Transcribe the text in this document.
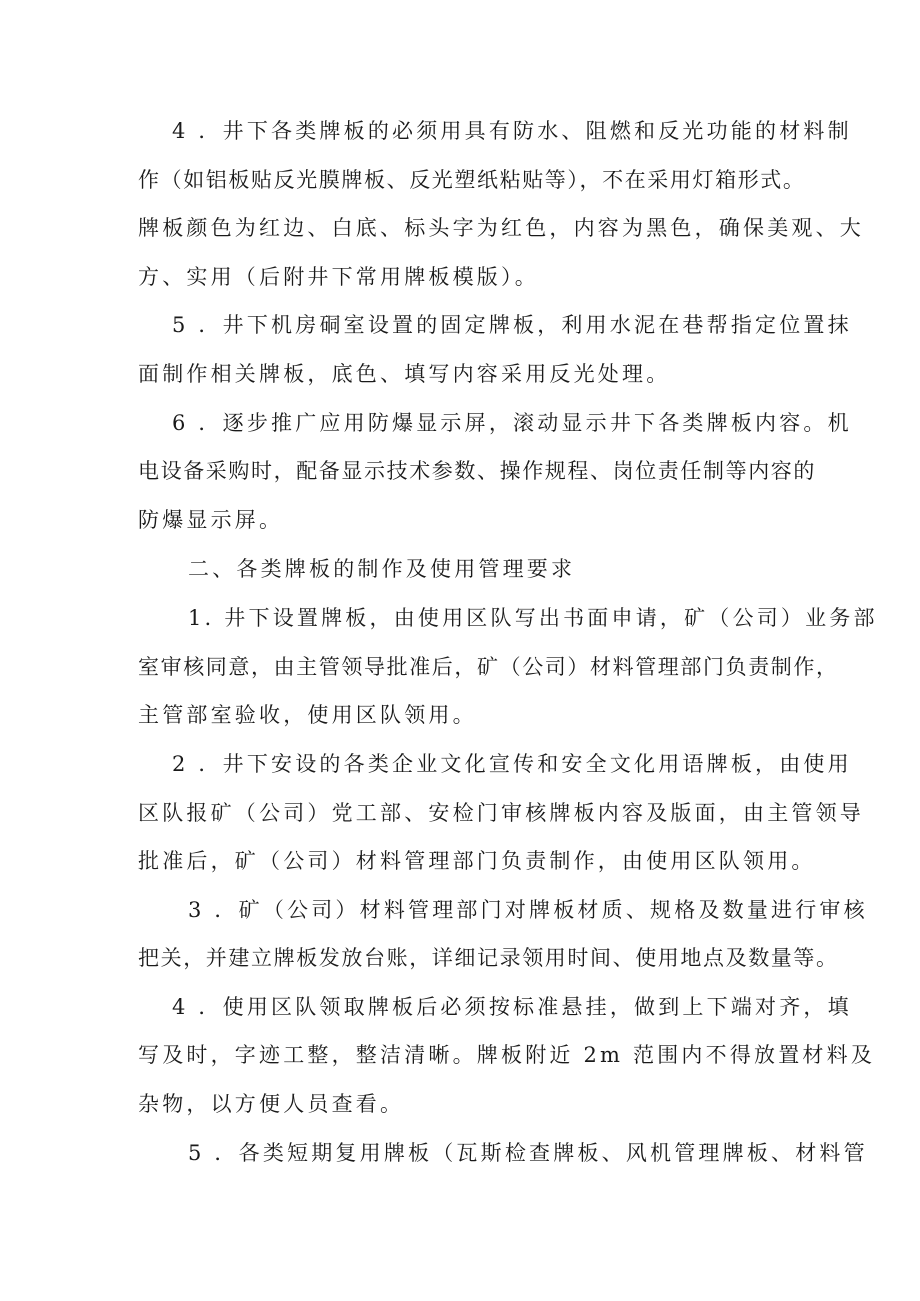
4 ．井下各类牌板的必须用具有防水、阻燃和反光功能的材料制
作（如铝板贴反光膜牌板、反光塑纸粘贴等），不在采用灯箱形式。
牌板颜色为红边、白底、标头字为红色，内容为黑色，确保美观、大
方、实用（后附井下常用牌板模版）。
5 ．井下机房硐室设置的固定牌板，利用水泥在巷帮指定位置抹
面制作相关牌板，底色、填写内容采用反光处理。
6 ．逐步推广应用防爆显示屏，滚动显示井下各类牌板内容。机
电设备采购时，配备显示技术参数、操作规程、岗位责任制等内容的
防爆显示屏。
二、各类牌板的制作及使用管理要求
1. 井下设置牌板，由使用区队写出书面申请，矿（公司）业务部
室审核同意，由主管领导批准后，矿（公司）材料管理部门负责制作，
主管部室验收，使用区队领用。
2 ．井下安设的各类企业文化宣传和安全文化用语牌板，由使用
区队报矿（公司）党工部、安检门审核牌板内容及版面，由主管领导
批准后，矿（公司）材料管理部门负责制作，由使用区队领用。
3 ．矿（公司）材料管理部门对牌板材质、规格及数量进行审核
把关，并建立牌板发放台账，详细记录领用时间、使用地点及数量等。
4 ．使用区队领取牌板后必须按标准悬挂，做到上下端对齐，填
写及时，字迹工整，整洁清晰。牌板附近 2m 范围内不得放置材料及
杂物，以方便人员查看。
5 ．各类短期复用牌板（瓦斯检查牌板、风机管理牌板、材料管
